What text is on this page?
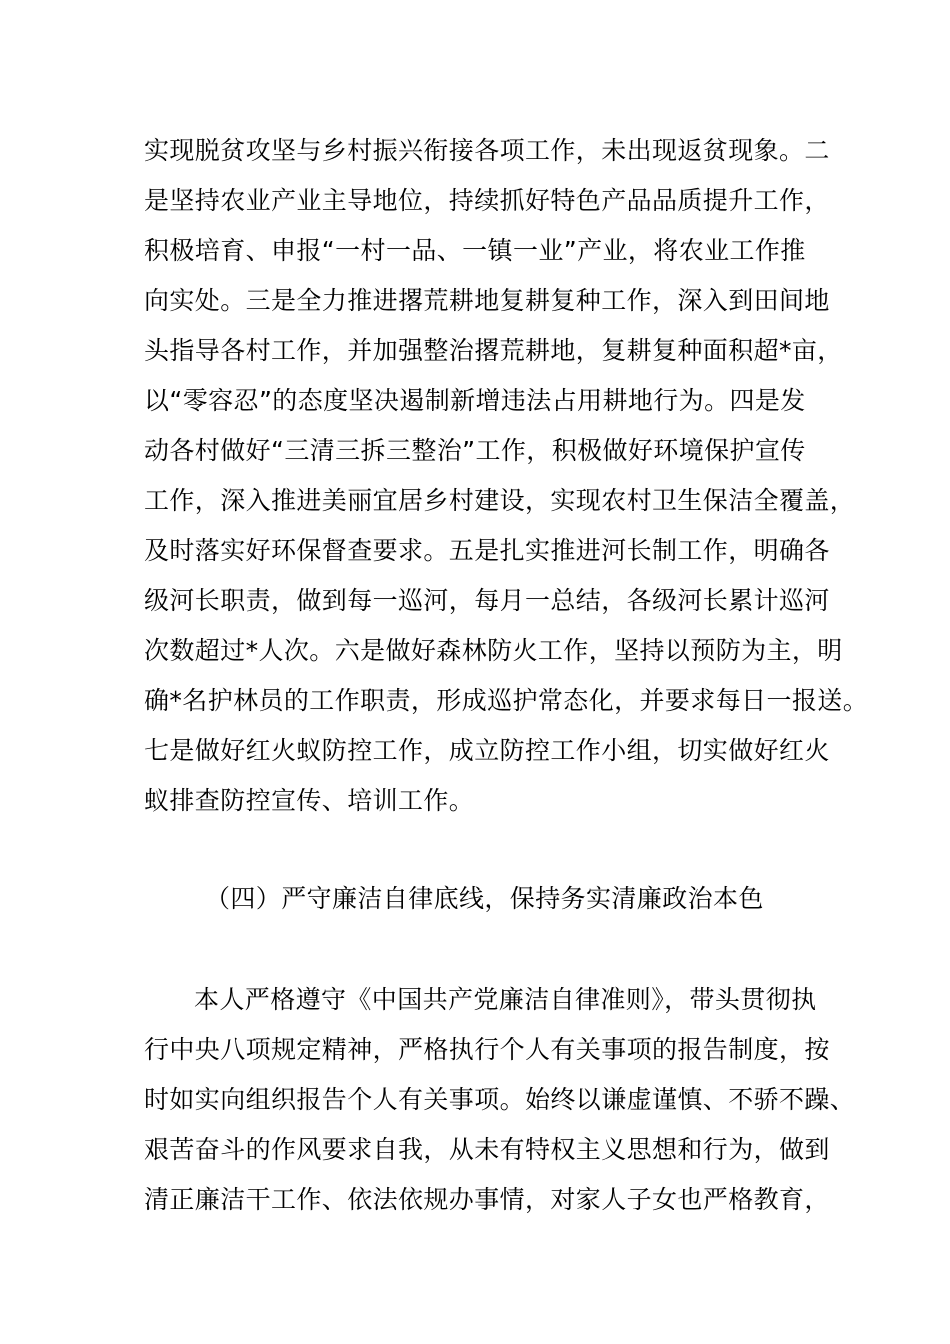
实现脱贫攻坚与乡村振兴衔接各项工作，未出现返贫现象。二
是坚持农业产业主导地位，持续抓好特色产品品质提升工作，
积极培育、申报“一村一品、一镇一业”产业，将农业工作推
向实处。三是全力推进撂荒耕地复耕复种工作，深入到田间地
头指导各村工作，并加强整治撂荒耕地，复耕复种面积超*亩，
以“零容忍”的态度坚决遏制新增违法占用耕地行为。四是发
动各村做好“三清三拆三整治”工作，积极做好环境保护宣传
工作，深入推进美丽宜居乡村建设，实现农村卫生保洁全覆盖，
及时落实好环保督查要求。五是扎实推进河长制工作，明确各
级河长职责，做到每一巡河，每月一总结，各级河长累计巡河
次数超过*人次。六是做好森林防火工作，坚持以预防为主，明
确*名护林员的工作职责，形成巡护常态化，并要求每日一报送。
七是做好红火蚁防控工作，成立防控工作小组，切实做好红火
蚁排查防控宣传、培训工作。
（四）严守廉洁自律底线，保持务实清廉政治本色
本人严格遵守《中国共产党廉洁自律准则》，带头贯彻执
行中央八项规定精神，严格执行个人有关事项的报告制度，按
时如实向组织报告个人有关事项。始终以谦虚谨慎、不骄不躁、
艰苦奋斗的作风要求自我，从未有特权主义思想和行为，做到
清正廉洁干工作、依法依规办事情，对家人子女也严格教育，
